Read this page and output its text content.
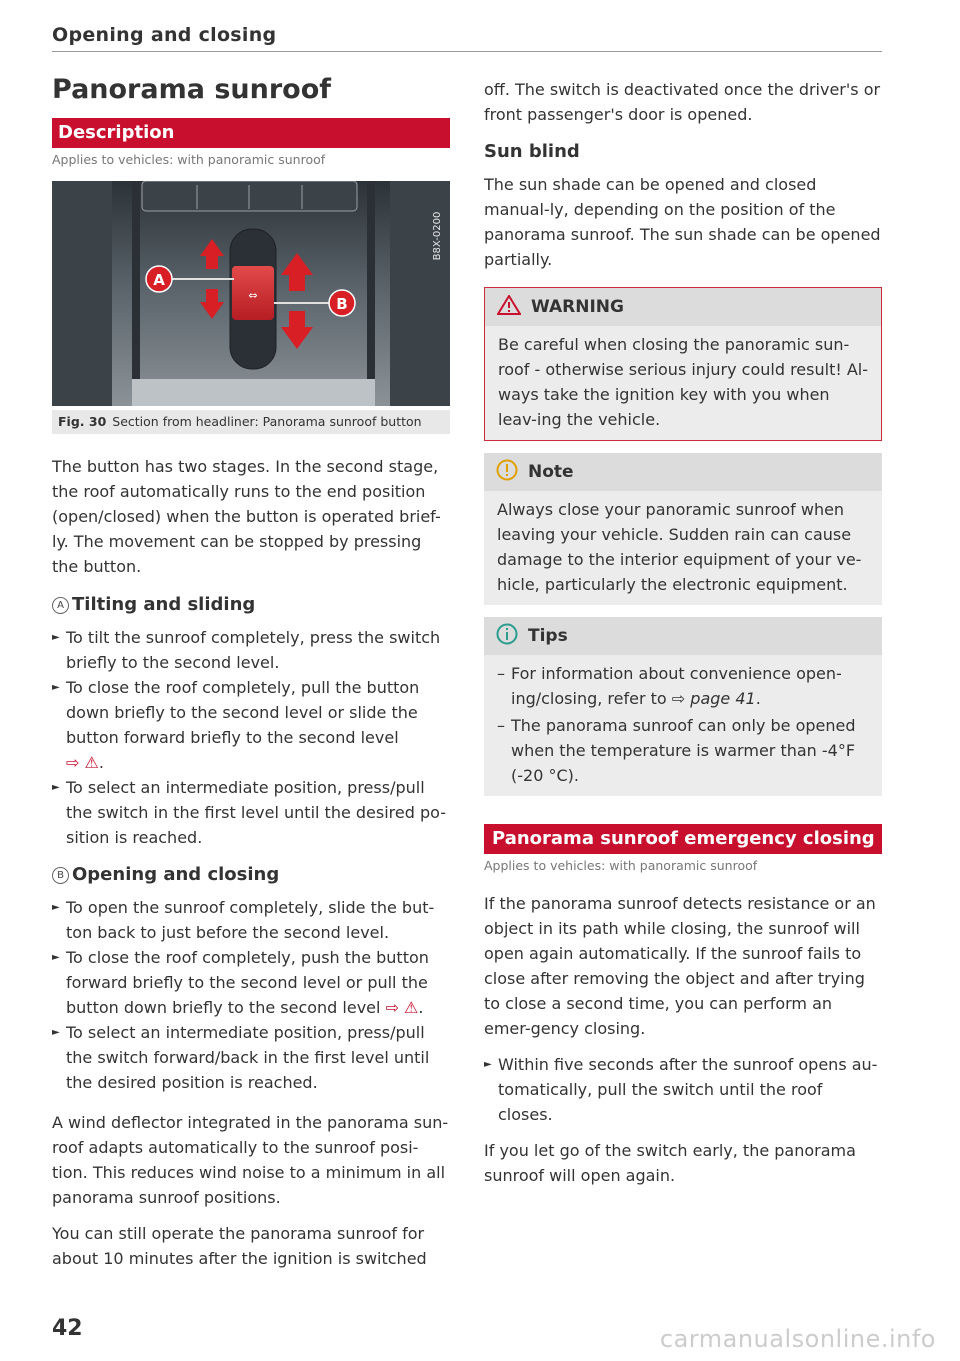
Opening and closing
Panorama sunroof
Description
Applies to vehicles: with panoramic sunroof
⇔
A
B
B8X-0200
Fig. 30 Section from headliner: Panorama sunroof button
The button has two stages. In the second stage, the roof automatically runs to the end position (open/closed) when the button is operated brief-ly. The movement can be stopped by pressing the button.
A Tilting and sliding
► To tilt the sunroof completely, press the switch briefly to the second level.
► To close the roof completely, pull the button down briefly to the second level or slide the button forward briefly to the second level
⇨ ⚠.
► To select an intermediate position, press/pull the switch in the first level until the desired po-sition is reached.
B Opening and closing
► To open the sunroof completely, slide the but-ton back to just before the second level.
► To close the roof completely, push the button forward briefly to the second level or pull the button down briefly to the second level ⇨ ⚠.
► To select an intermediate position, press/pull the switch forward/back in the first level until the desired position is reached.
A wind deflector integrated in the panorama sun-roof adapts automatically to the sunroof posi-tion. This reduces wind noise to a minimum in all panorama sunroof positions.
You can still operate the panorama sunroof for about 10 minutes after the ignition is switched
off. The switch is deactivated once the driver's or front passenger's door is opened.
Sun blind
The sun shade can be opened and closed manual-ly, depending on the position of the panorama sunroof. The sun shade can be opened partially.
WARNING
Be careful when closing the panoramic sun-roof - otherwise serious injury could result! Al-ways take the ignition key with you when leav-ing the vehicle.
Note
Always close your panoramic sunroof when leaving your vehicle. Sudden rain can cause damage to the interior equipment of your ve-hicle, particularly the electronic equipment.
Tips
– For information about convenience open-ing/closing, refer to ⇨ page 41.
– The panorama sunroof can only be opened when the temperature is warmer than -4°F (-20 °C).
Panorama sunroof emergency closing
Applies to vehicles: with panoramic sunroof
If the panorama sunroof detects resistance or an object in its path while closing, the sunroof will open again automatically. If the sunroof fails to close after removing the object and after trying to close a second time, you can perform an emer-gency closing.
► Within five seconds after the sunroof opens au-tomatically, pull the switch until the roof closes.
If you let go of the switch early, the panorama sunroof will open again.
42	carmanualsonline.info
